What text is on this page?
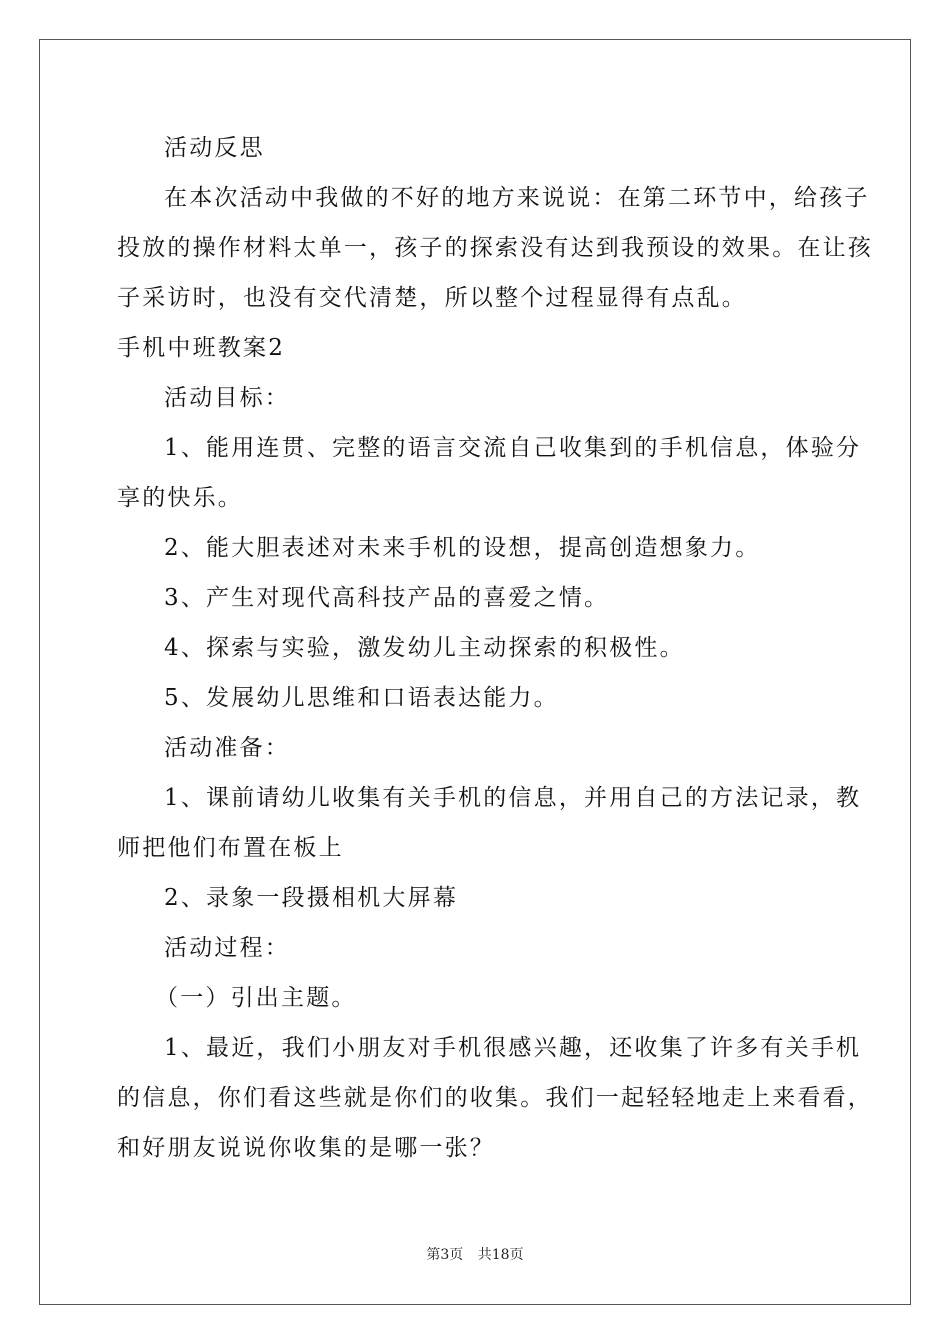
活动反思
在本次活动中我做的不好的地方来说说：在第二环节中，给孩子
投放的操作材料太单一，孩子的探索没有达到我预设的效果。在让孩
子采访时，也没有交代清楚，所以整个过程显得有点乱。
手机中班教案2
活动目标：
1、能用连贯、完整的语言交流自己收集到的手机信息，体验分
享的快乐。
2、能大胆表述对未来手机的设想，提高创造想象力。
3、产生对现代高科技产品的喜爱之情。
4、探索与实验，激发幼儿主动探索的积极性。
5、发展幼儿思维和口语表达能力。
活动准备：
1、课前请幼儿收集有关手机的信息，并用自己的方法记录，教
师把他们布置在板上
2、录象一段摄相机大屏幕
活动过程：
（一）引出主题。
1、最近，我们小朋友对手机很感兴趣，还收集了许多有关手机
的信息，你们看这些就是你们的收集。我们一起轻轻地走上来看看，
和好朋友说说你收集的是哪一张？
第3页 共18页
